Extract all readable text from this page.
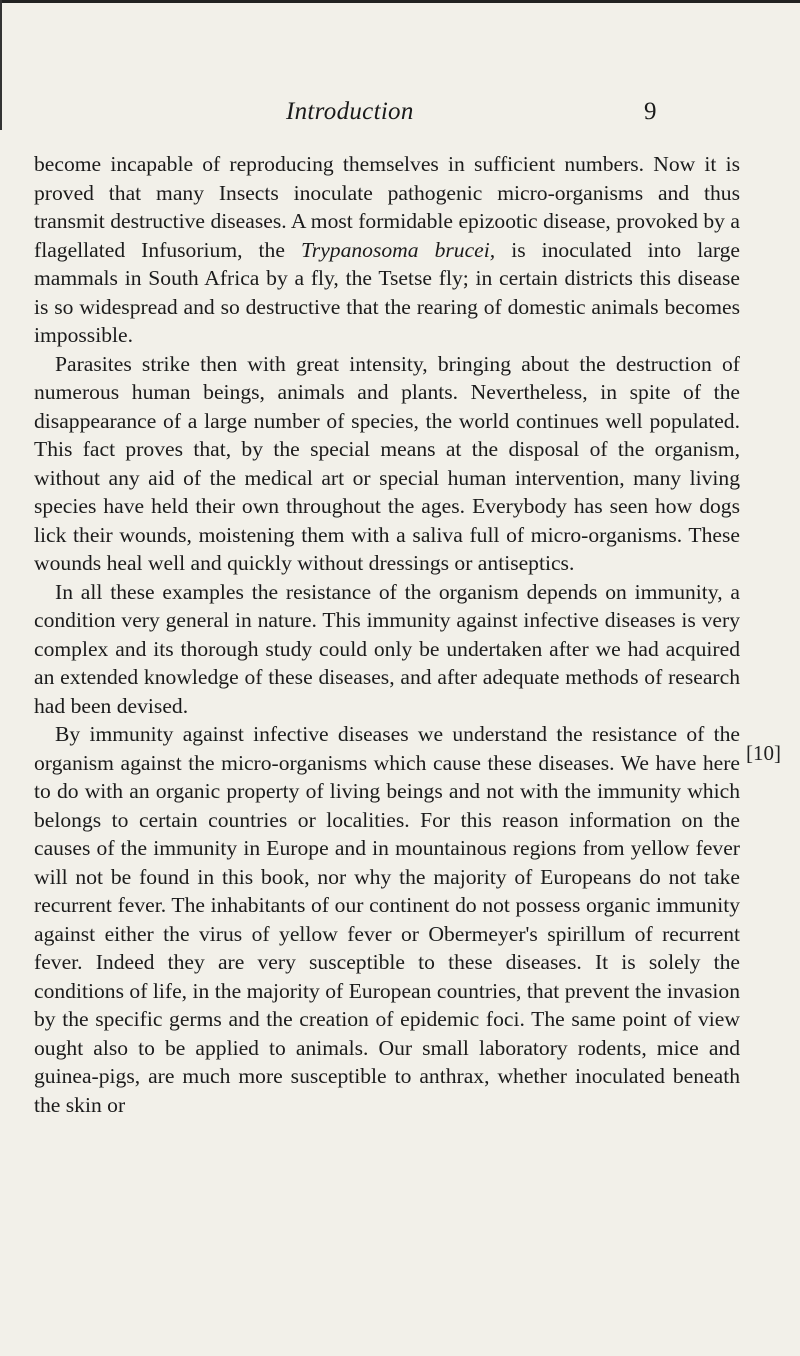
Introduction	9

become incapable of reproducing themselves in sufficient numbers. Now it is proved that many Insects inoculate pathogenic micro-organisms and thus transmit destructive diseases. A most formidable epizootic disease, provoked by a flagellated Infusorium, the Trypanosoma brucei, is inoculated into large mammals in South Africa by a fly, the Tsetse fly; in certain districts this disease is so widespread and so destructive that the rearing of domestic animals becomes impossible.

Parasites strike then with great intensity, bringing about the destruction of numerous human beings, animals and plants. Nevertheless, in spite of the disappearance of a large number of species, the world continues well populated. This fact proves that, by the special means at the disposal of the organism, without any aid of the medical art or special human intervention, many living species have held their own throughout the ages. Everybody has seen how dogs lick their wounds, moistening them with a saliva full of micro-organisms. These wounds heal well and quickly without dressings or antiseptics.

In all these examples the resistance of the organism depends on immunity, a condition very general in nature. This immunity against infective diseases is very complex and its thorough study could only be undertaken after we had acquired an extended knowledge of these diseases, and after adequate methods of research had been devised.

By immunity against infective diseases we understand the resistance of the organism against the micro-organisms which cause these diseases. We have here to do with an organic property of living beings and not with the immunity which belongs to certain countries or localities. For this reason information on the causes of the immunity in Europe and in mountainous regions from yellow fever will not be found in this book, nor why the majority of Europeans do not take recurrent fever. The inhabitants of our continent do not possess organic immunity against either the virus of yellow fever or Obermeyer's spirillum of recurrent fever. Indeed they are very susceptible to these diseases. It is solely the conditions of life, in the majority of European countries, that prevent the invasion by the specific germs and the creation of epidemic foci. The same point of view ought also to be applied to animals. Our small laboratory rodents, mice and guinea-pigs, are much more susceptible to anthrax, whether inoculated beneath the skin or

[10]
